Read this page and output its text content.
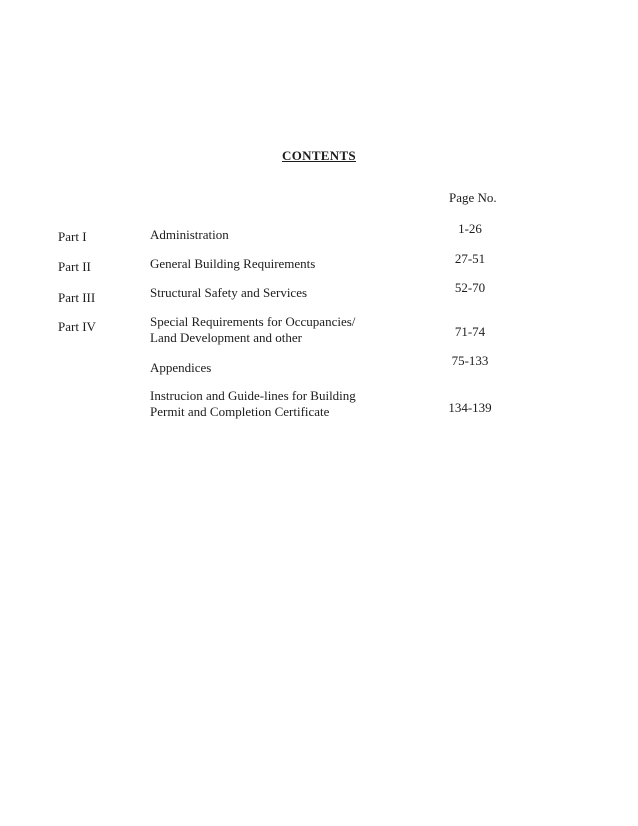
CONTENTS
Page No.
Part I	Administration	1-26
Part II	General Building Requirements	27-51
Part III	Structural Safety and Services	52-70
Part IV	Special Requirements for Occupancies/
Land Development and other	71-74
Appendices	75-133
Instrucion and Guide-lines for Building
Permit and Completion Certificate	134-139
